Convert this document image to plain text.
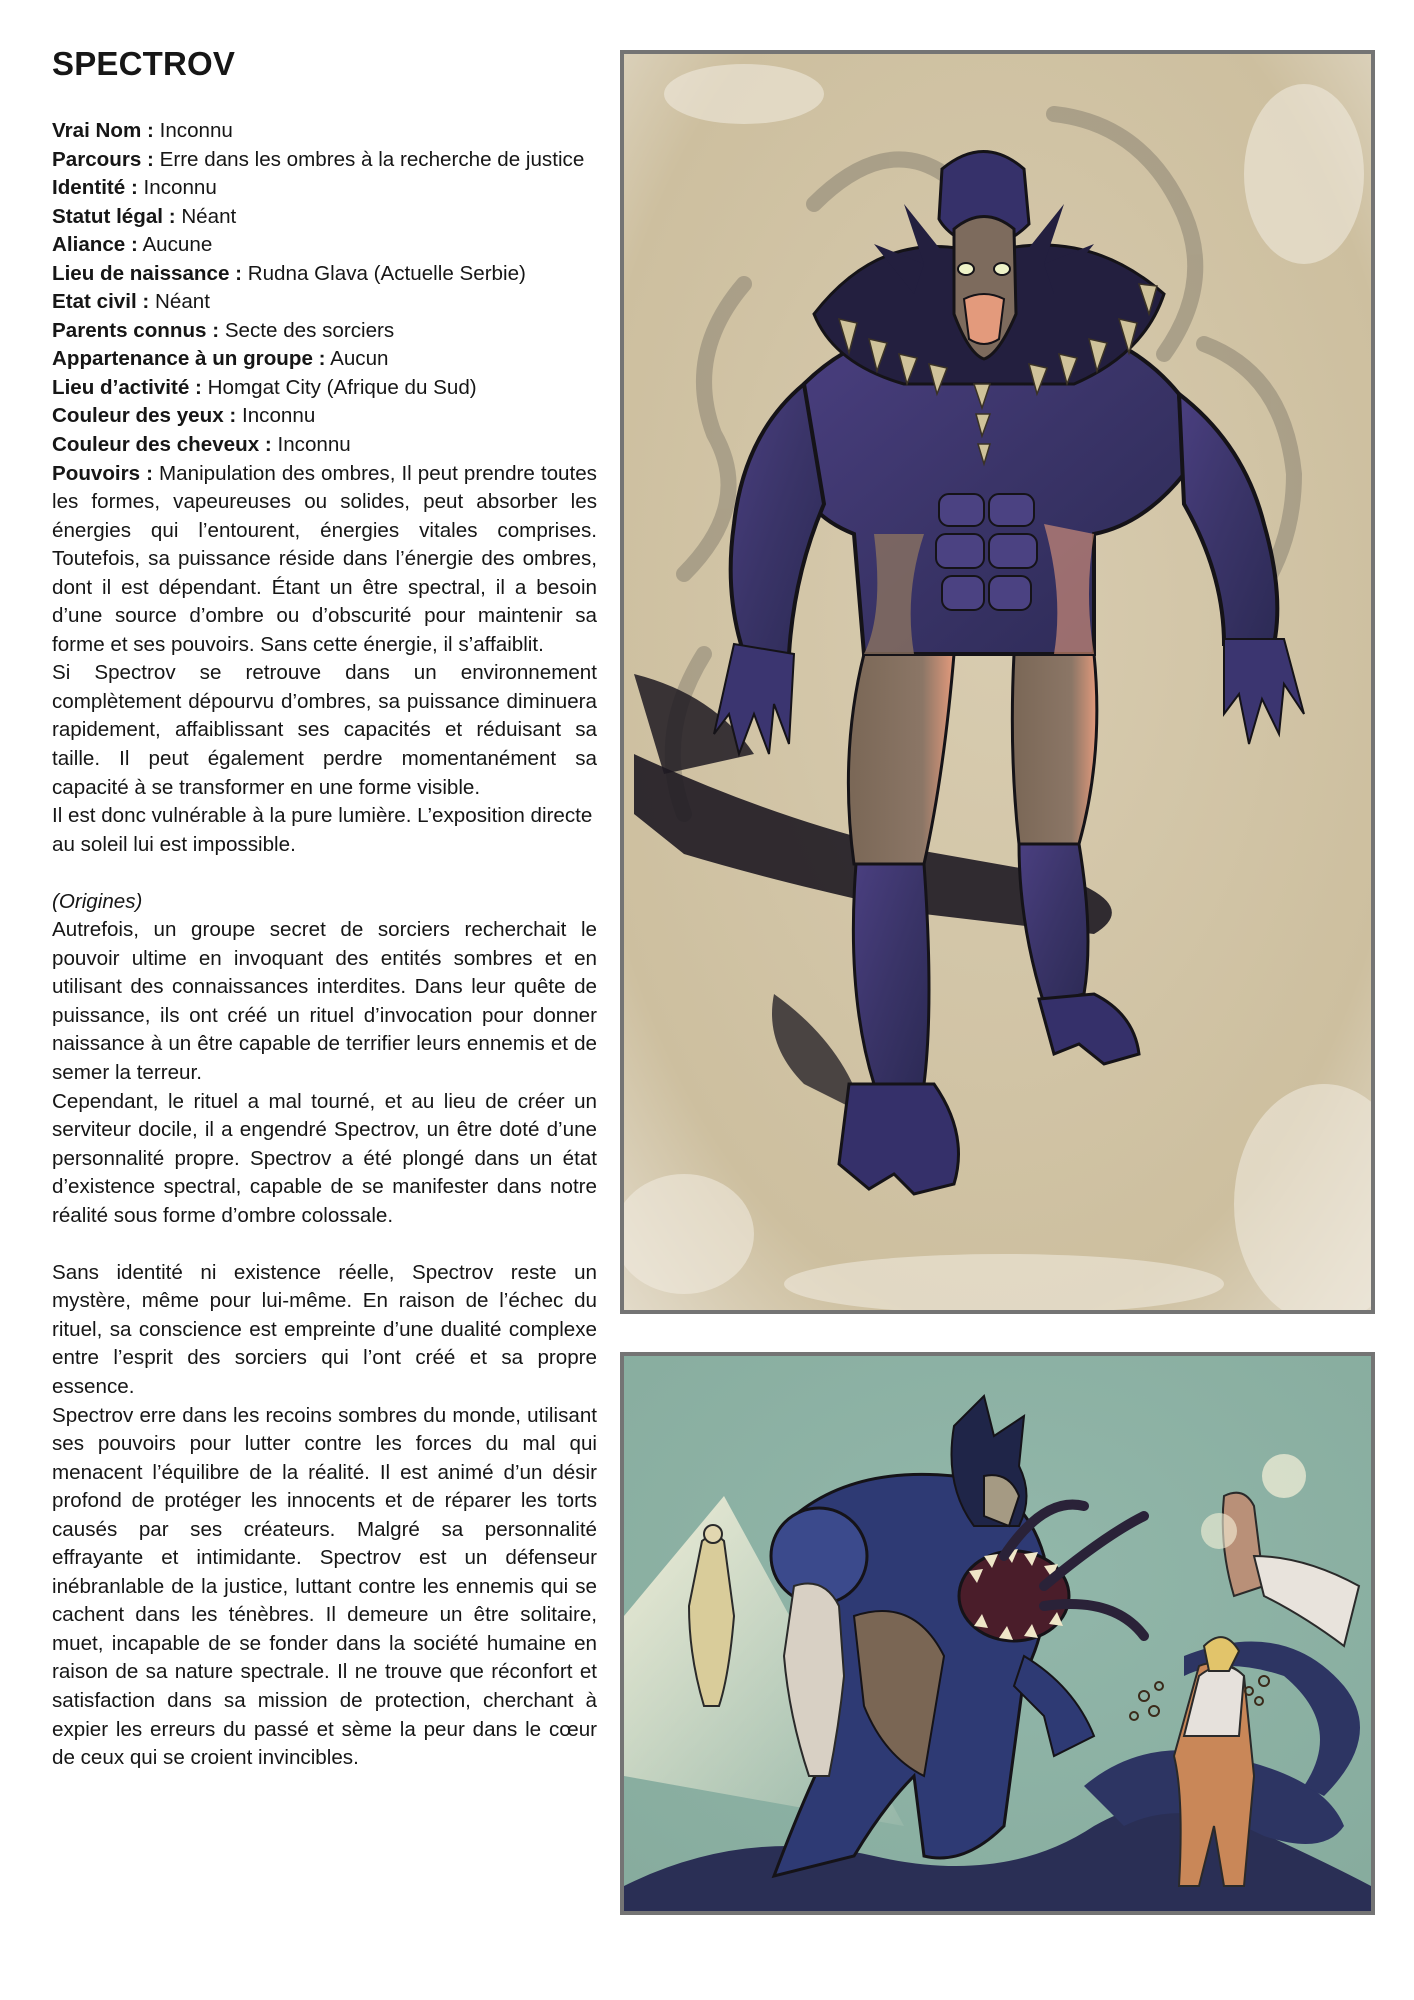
SPECTROV

Vrai Nom : Inconnu

Parcours : Erre dans les ombres à la recherche de justice

Identité : Inconnu

Statut légal : Néant

Aliance : Aucune

Lieu de naissance : Rudna Glava (Actuelle Serbie)

Etat civil : Néant

Parents connus : Secte des sorciers

Appartenance à un groupe : Aucun

Lieu d’activité : Homgat City (Afrique du Sud)

Couleur des yeux : Inconnu

Couleur des cheveux : Inconnu

Pouvoirs : Manipulation des ombres, Il peut prendre toutes les formes, vapeureuses ou solides, peut absorber les énergies qui l’entourent, énergies vitales comprises. Toutefois, sa puissance réside dans l’énergie des ombres, dont il est dépendant. Étant un être spectral, il a besoin d’une source d’ombre ou d’obscurité pour maintenir sa forme et ses pouvoirs. Sans cette énergie, il s’affaiblit.

Si Spectrov se retrouve dans un environnement complètement dépourvu d’ombres, sa puissance diminuera rapidement, affaiblissant ses capacités et réduisant sa taille. Il peut également perdre momentanément sa capacité à se transformer en une forme visible.

Il est donc vulnérable à la pure lumière. L’exposition directe au soleil lui est impossible.

(Origines)

Autrefois, un groupe secret de sorciers recherchait le pouvoir ultime en invoquant des entités sombres et en utilisant des connaissances interdites. Dans leur quête de puissance, ils ont créé un rituel d’invocation pour donner naissance à un être capable de terrifier leurs ennemis et de semer la terreur.

Cependant, le rituel a mal tourné, et au lieu de créer un serviteur docile, il a engendré Spectrov, un être doté d’une personnalité propre. Spectrov a été plongé dans un état d’existence spectral, capable de se manifester dans notre réalité sous forme d’ombre colossale.

Sans identité ni existence réelle, Spectrov reste un mystère, même pour lui-même. En raison de l’échec du rituel, sa conscience est empreinte d’une dualité complexe entre l’esprit des sorciers qui l’ont créé et sa propre essence.

Spectrov erre dans les recoins sombres du monde, utilisant ses pouvoirs pour lutter contre les forces du mal qui menacent l’équilibre de la réalité. Il est animé d’un désir profond de protéger les innocents et de réparer les torts causés par ses créateurs. Malgré sa personnalité effrayante et intimidante. Spectrov est un défenseur inébranlable de la justice, luttant contre les ennemis qui se cachent dans les ténèbres. Il demeure un être solitaire, muet, incapable de se fonder dans la société humaine en raison de sa nature spectrale. Il ne trouve que réconfort et satisfaction dans sa mission de protection, cherchant à expier les erreurs du passé et sème la peur dans le cœur de ceux qui se croient invincibles.
